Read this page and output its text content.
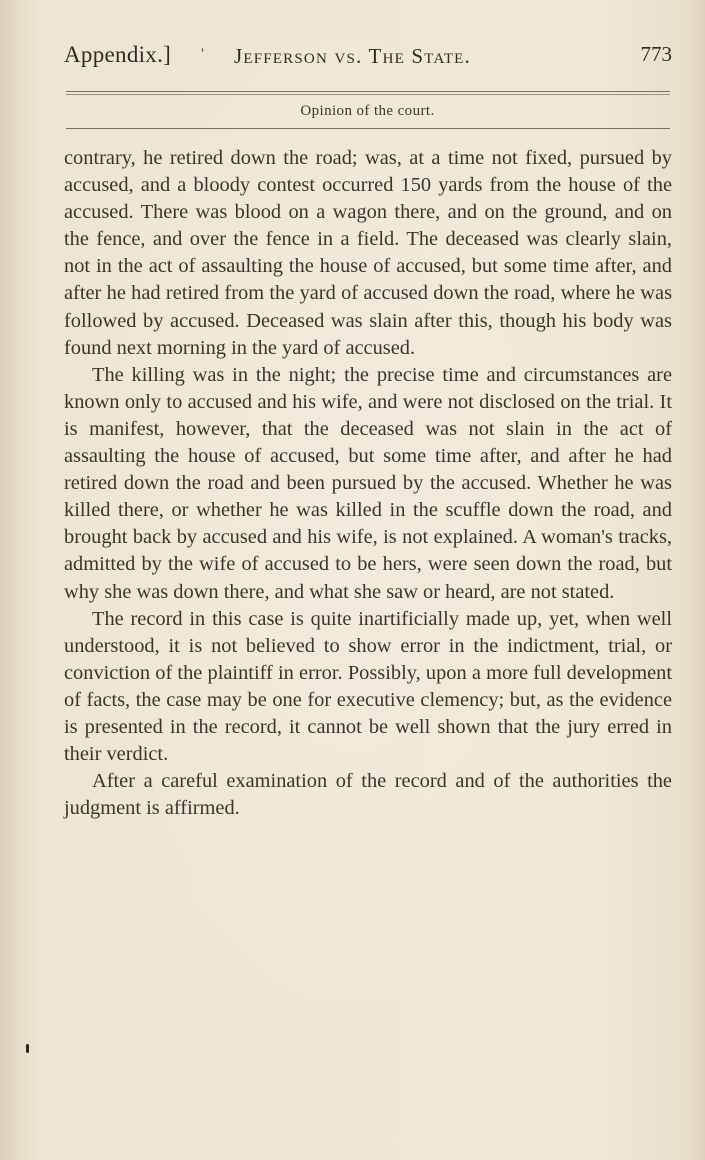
Appendix.] ' Jefferson vs. The State.	773
Opinion of the court.

contrary, he retired down the road; was, at a time not fixed, pursued by accused, and a bloody contest occurred 150 yards from the house of the accused. There was blood on a wagon there, and on the ground, and on the fence, and over the fence in a field. The deceased was clearly slain, not in the act of assaulting the house of accused, but some time after, and after he had retired from the yard of accused down the road, where he was followed by accused. Deceased was slain after this, though his body was found next morning in the yard of accused.

The killing was in the night; the precise time and circumstances are known only to accused and his wife, and were not disclosed on the trial. It is manifest, however, that the deceased was not slain in the act of assaulting the house of accused, but some time after, and after he had retired down the road and been pursued by the accused. Whether he was killed there, or whether he was killed in the scuffle down the road, and brought back by accused and his wife, is not explained. A woman's tracks, admitted by the wife of accused to be hers, were seen down the road, but why she was down there, and what she saw or heard, are not stated.

The record in this case is quite inartificially made up, yet, when well understood, it is not believed to show error in the indictment, trial, or conviction of the plaintiff in error. Possibly, upon a more full development of facts, the case may be one for executive clemency; but, as the evidence is presented in the record, it cannot be well shown that the jury erred in their verdict.

After a careful examination of the record and of the authorities the judgment is affirmed.
